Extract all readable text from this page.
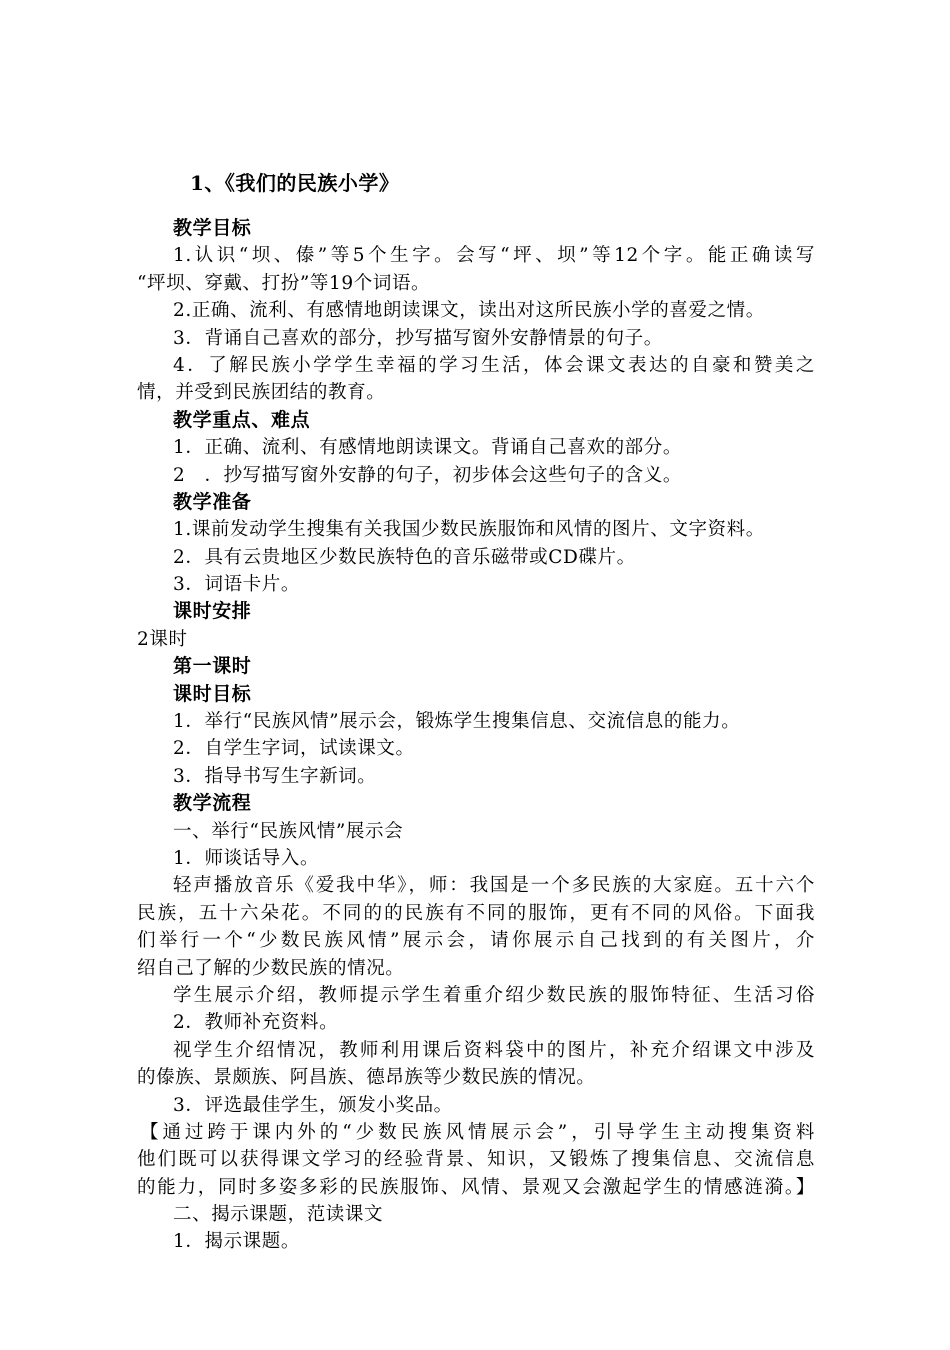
1、《我们的民族小学》
教学目标
1.认识“坝、傣”等5个生字。会写“坪、坝”等12个字。能正确读写
“坪坝、穿戴、打扮”等19个词语。
2.正确、流利、有感情地朗读课文，读出对这所民族小学的喜爱之情。
3．背诵自己喜欢的部分，抄写描写窗外安静情景的句子。
4．了解民族小学学生幸福的学习生活，体会课文表达的自豪和赞美之
情，并受到民族团结的教育。
教学重点、难点
1．正确、流利、有感情地朗读课文。背诵自己喜欢的部分。
2　．抄写描写窗外安静的句子，初步体会这些句子的含义。
教学准备
1.课前发动学生搜集有关我国少数民族服饰和风情的图片、文字资料。
2．具有云贵地区少数民族特色的音乐磁带或CD碟片。
3．词语卡片。
课时安排
2课时
第一课时
课时目标
1．举行“民族风情”展示会，锻炼学生搜集信息、交流信息的能力。
2．自学生字词，试读课文。
3．指导书写生字新词。
教学流程
一、举行“民族风情”展示会
1．师谈话导入。
轻声播放音乐《爱我中华》，师：我国是一个多民族的大家庭。五十六个
民族，五十六朵花。不同的的民族有不同的服饰，更有不同的风俗。下面我
们举行一个“少数民族风情”展示会，请你展示自己找到的有关图片，介
绍自己了解的少数民族的情况。
学生展示介绍，教师提示学生着重介绍少数民族的服饰特征、生活习俗
2．教师补充资料。
视学生介绍情况，教师利用课后资料袋中的图片，补充介绍课文中涉及
的傣族、景颇族、阿昌族、德昂族等少数民族的情况。
3．评选最佳学生，颁发小奖品。
【通过跨于课内外的“少数民族风情展示会”，引导学生主动搜集资料
他们既可以获得课文学习的经验背景、知识，又锻炼了搜集信息、交流信息
的能力，同时多姿多彩的民族服饰、风情、景观又会激起学生的情感涟漪。】
二、揭示课题，范读课文
1．揭示课题。
